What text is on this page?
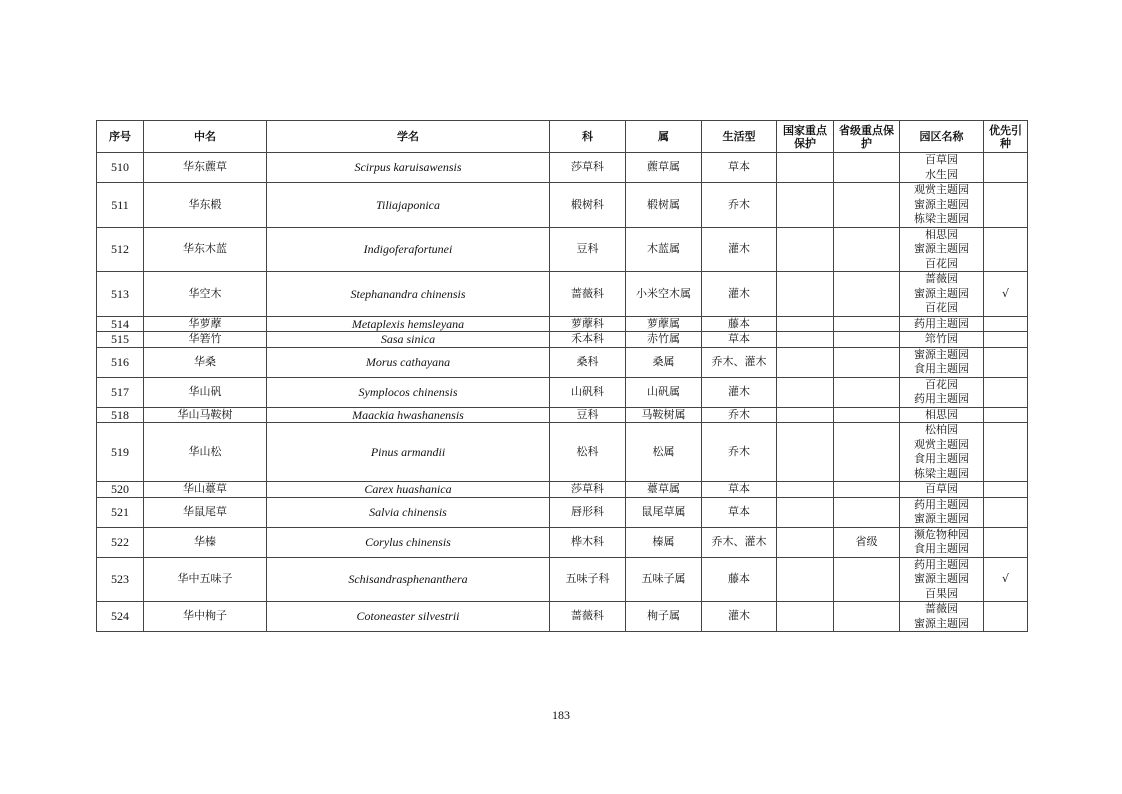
序号	中名	学名	科	属	生活型	国家重点保护	省级重点保护	园区名称	优先引种
510	华东藨草	Scirpus karuisawensis	莎草科	藨草属	草本			百草园
水生园	

511	华东椴	Tiliajaponica	椴树科	椴树属	乔木			观赏主题园
蜜源主题园
栋梁主题园	

512	华东木蓝	Indigoferafortunei	豆科	木蓝属	灌木			相思园
蜜源主题园
百花园	

513	华空木	Stephanandra chinensis	蔷薇科	小米空木属	灌木			蔷薇园
蜜源主题园
百花园	√
514	华萝藦	Metaplexis hemsleyana	萝藦科	萝藦属	藤本			药用主题园	

515	华箬竹	Sasa sinica	禾本科	赤竹属	草本			筇竹园	

516	华桑	Morus cathayana	桑科	桑属	乔木、灌木			蜜源主题园
食用主题园	

517	华山矾	Symplocos chinensis	山矾科	山矾属	灌木			百花园
药用主题园	

518	华山马鞍树	Maackia hwashanensis	豆科	马鞍树属	乔木			相思园	

519	华山松	Pinus armandii	松科	松属	乔木			松柏园
观赏主题园
食用主题园
栋梁主题园	

520	华山薹草	Carex huashanica	莎草科	薹草属	草本			百草园	

521	华鼠尾草	Salvia chinensis	唇形科	鼠尾草属	草本			药用主题园
蜜源主题园	

522	华榛	Corylus chinensis	桦木科	榛属	乔木、灌木		省级	濒危物种园
食用主题园	

523	华中五味子	Schisandrasphenanthera	五味子科	五味子属	藤本			药用主题园
蜜源主题园
百果园	√
524	华中栒子	Cotoneaster silvestrii	蔷薇科	栒子属	灌木			蔷薇园
蜜源主题园	

183
